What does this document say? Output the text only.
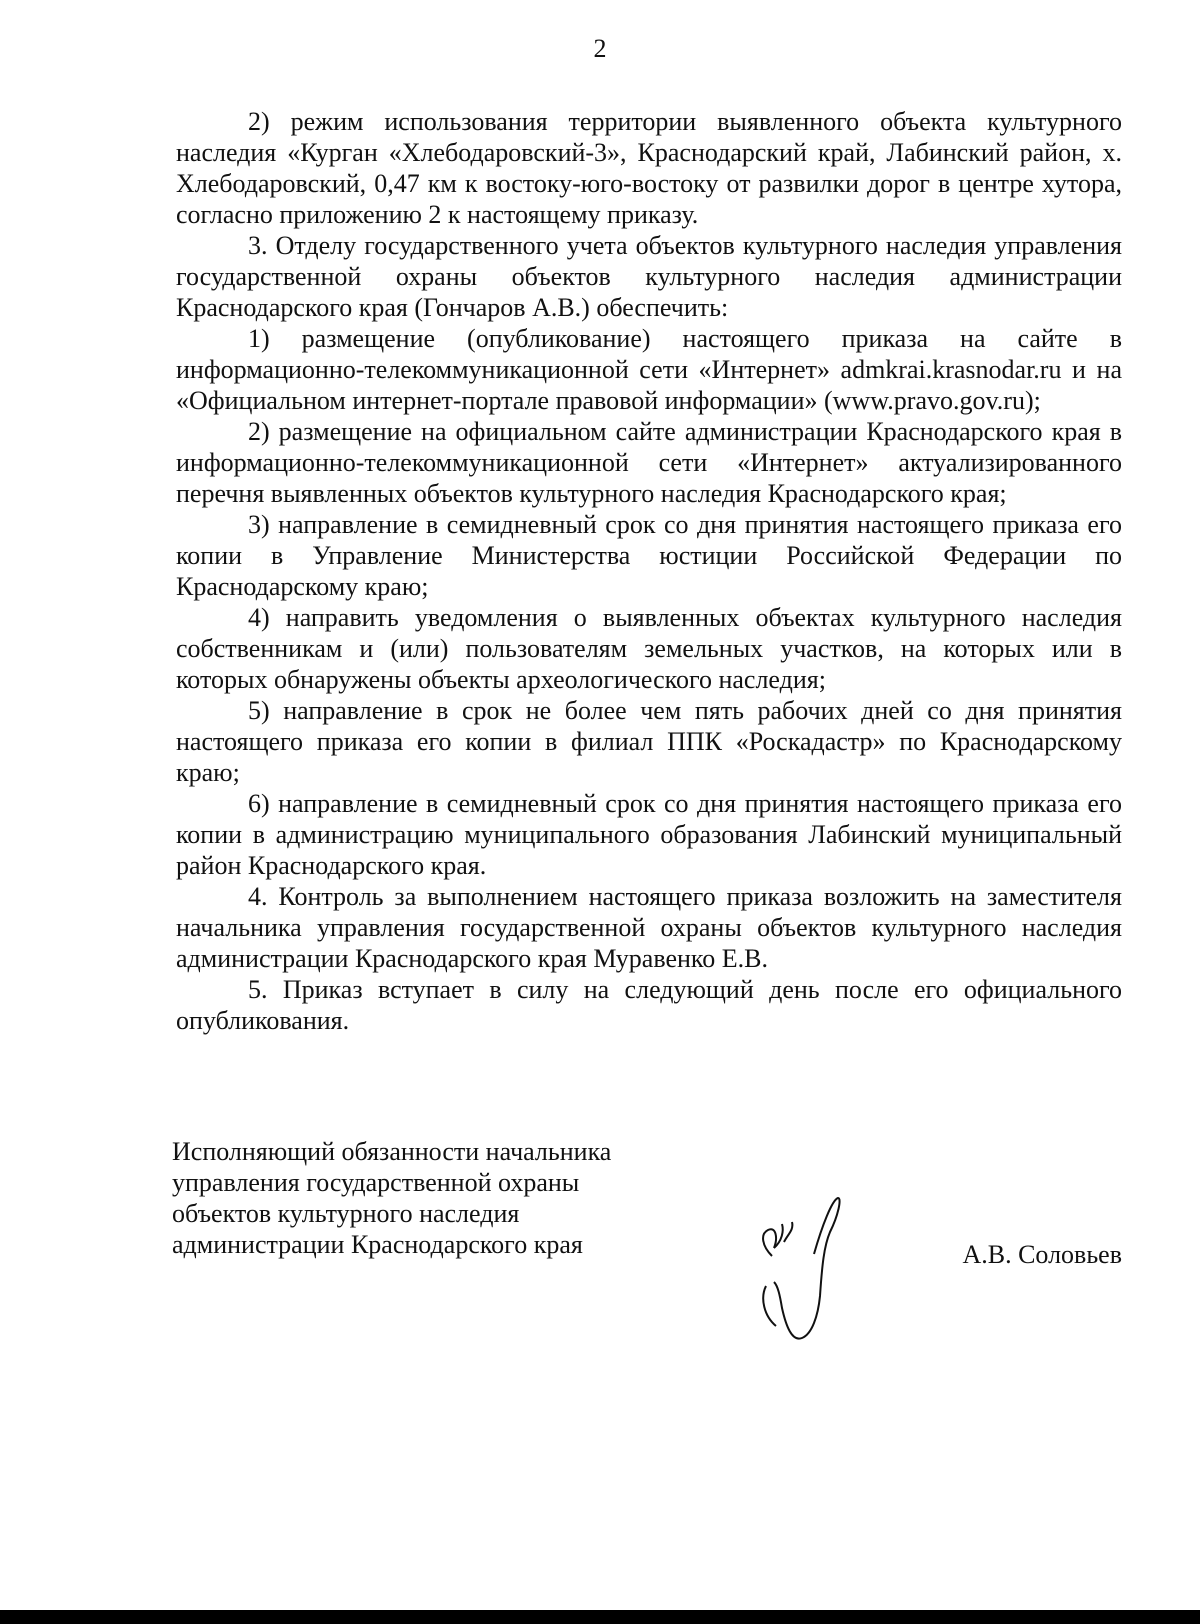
2

2) режим использования территории выявленного объекта культурного наследия «Курган «Хлебодаровский-3», Краснодарский край, Лабинский район, х. Хлебодаровский, 0,47 км к востоку-юго-востоку от развилки дорог в центре хутора, согласно приложению 2 к настоящему приказу.

3. Отделу государственного учета объектов культурного наследия управления государственной охраны объектов культурного наследия администрации Краснодарского края (Гончаров А.В.) обеспечить:

1) размещение (опубликование) настоящего приказа на сайте в информационно-телекоммуникационной сети «Интернет» admkrai.krasnodar.ru и на «Официальном интернет-портале правовой информации» (www.pravo.gov.ru);

2) размещение на официальном сайте администрации Краснодарского края в информационно-телекоммуникационной сети «Интернет» актуализированного перечня выявленных объектов культурного наследия Краснодарского края;

3) направление в семидневный срок со дня принятия настоящего приказа его копии в Управление Министерства юстиции Российской Федерации по Краснодарскому краю;

4) направить уведомления о выявленных объектах культурного наследия собственникам и (или) пользователям земельных участков, на которых или в которых обнаружены объекты археологического наследия;

5) направление в срок не более чем пять рабочих дней со дня принятия настоящего приказа его копии в филиал ППК «Роскадастр» по Краснодарскому краю;

6) направление в семидневный срок со дня принятия настоящего приказа его копии в администрацию муниципального образования Лабинский муниципальный район Краснодарского края.

4. Контроль за выполнением настоящего приказа возложить на заместителя начальника управления государственной охраны объектов культурного наследия администрации Краснодарского края Муравенко Е.В.

5. Приказ вступает в силу на следующий день после его официального опубликования.

Исполняющий обязанности начальника
управления государственной охраны
объектов культурного наследия
администрации Краснодарского края	А.В. Соловьев
